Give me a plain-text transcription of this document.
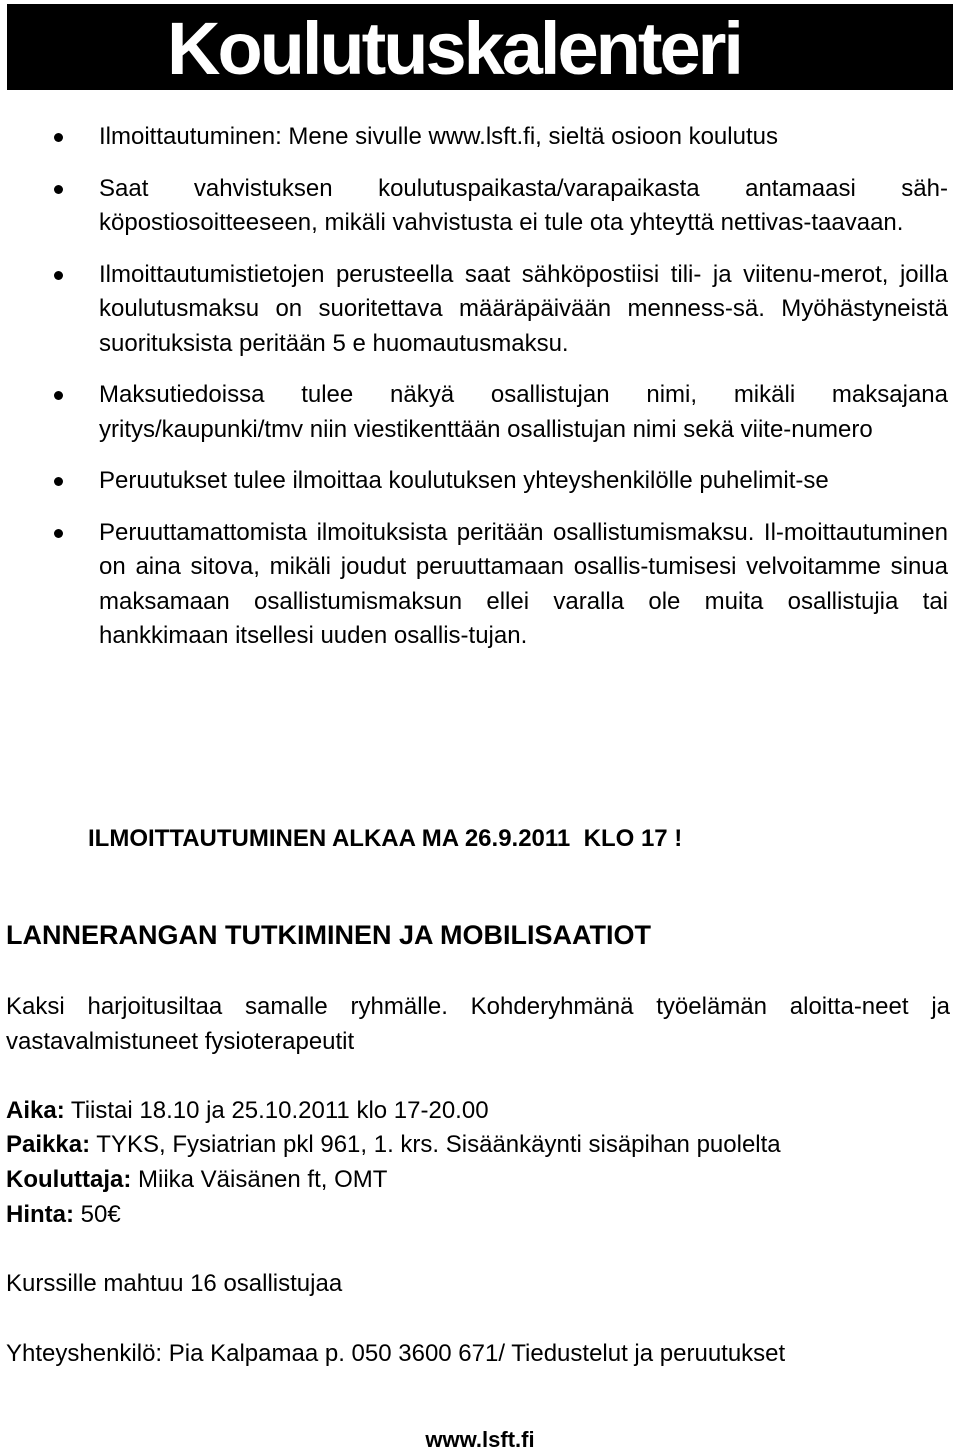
Koulutuskalenteri
Ilmoittautuminen: Mene sivulle www.lsft.fi, sieltä osioon koulutus
Saat vahvistuksen koulutuspaikasta/varapaikasta antamaasi säh-köpostiosoitteeseen, mikäli vahvistusta ei tule ota yhteyttä nettivas-taavaan.
Ilmoittautumistietojen perusteella saat sähköpostiisi tili- ja viitenu-merot, joilla koulutusmaksu on suoritettava määräpäivään menness-sä. Myöhästyneistä suorituksista peritään 5 e huomautusmaksu.
Maksutiedoissa tulee näkyä osallistujan nimi, mikäli maksajana yritys/kaupunki/tmv niin viestikenttään osallistujan nimi sekä viite-numero
Peruutukset tulee ilmoittaa koulutuksen yhteyshenkilölle puhelimit-se
Peruuttamattomista ilmoituksista peritään osallistumismaksu. Il-moittautuminen on aina sitova, mikäli joudut peruuttamaan osallis-tumisesi velvoitamme sinua maksamaan osallistumismaksun ellei varalla ole muita osallistujia tai hankkimaan itsellesi uuden osallis-tujan.
ILMOITTAUTUMINEN ALKAA MA 26.9.2011  KLO 17 !
LANNERANGAN TUTKIMINEN JA MOBILISAATIOT
Kaksi harjoitusiltaa samalle ryhmälle. Kohderyhmänä työelämän aloitta-neet ja vastavalmistuneet fysioterapeutit
Aika: Tiistai 18.10 ja 25.10.2011 klo 17-20.00
Paikka: TYKS, Fysiatrian pkl 961, 1. krs. Sisäänkäynti sisäpihan puolelta
Kouluttaja: Miika Väisänen ft, OMT
Hinta: 50€
Kurssille mahtuu 16 osallistujaa
Yhteyshenkilö: Pia Kalpamaa p. 050 3600 671/ Tiedustelut ja peruutukset
www.lsft.fi
